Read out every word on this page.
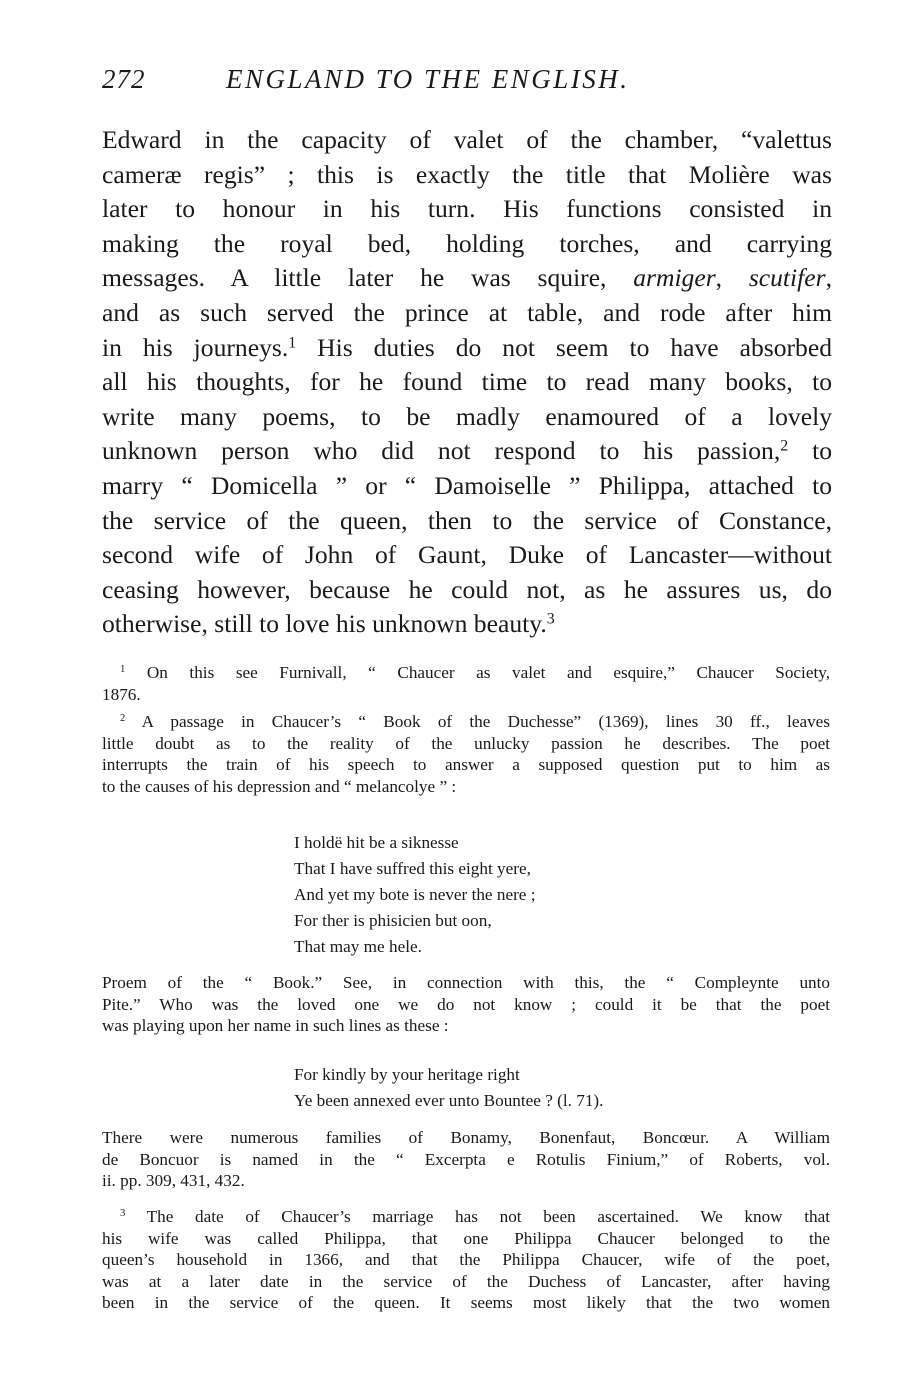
272	ENGLAND TO THE ENGLISH.
Edward in the capacity of valet of the chamber, “valettus
cameræ regis” ; this is exactly the title that Molière was
later to honour in his turn. His functions consisted in
making the royal bed, holding torches, and carrying
messages. A little later he was squire, armiger, scutifer,
and as such served the prince at table, and rode after him
in his journeys.$^1$ His duties do not seem to have absorbed
all his thoughts, for he found time to read many books, to
write many poems, to be madly enamoured of a lovely
unknown person who did not respond to his passion,$^2$ to
marry “ Domicella ” or “ Damoiselle ” Philippa, attached to
the service of the queen, then to the service of Constance,
second wife of John of Gaunt, Duke of Lancaster—without
ceasing however, because he could not, as he assures us, do
otherwise, still to love his unknown beauty.$^3$
$^1$ On this see Furnivall, “ Chaucer as valet and esquire,” Chaucer Society,
1876.
$^2$ A passage in Chaucer’s “ Book of the Duchesse” (1369), lines 30 ff., leaves
little doubt as to the reality of the unlucky passion he describes. The poet
interrupts the train of his speech to answer a supposed question put to him as
to the causes of his depression and “ melancolye ” :
I holdë hit be a siknesse
That I have suffred this eight yere,
And yet my bote is never the nere ;
For ther is phisicien but oon,
That may me hele.
Proem of the “ Book.” See, in connection with this, the “ Compleynte unto
Pite.” Who was the loved one we do not know ; could it be that the poet
was playing upon her name in such lines as these :
For kindly by your heritage right
Ye been annexed ever unto Bountee ? (l. 71).
There were numerous families of Bonamy, Bonenfaut, Boncœur. A William
de Boncuor is named in the “ Excerpta e Rotulis Finium,” of Roberts, vol.
ii. pp. 309, 431, 432.
$^3$ The date of Chaucer’s marriage has not been ascertained. We know that
his wife was called Philippa, that one Philippa Chaucer belonged to the
queen’s household in 1366, and that the Philippa Chaucer, wife of the poet,
was at a later date in the service of the Duchess of Lancaster, after having
been in the service of the queen. It seems most likely that the two women
